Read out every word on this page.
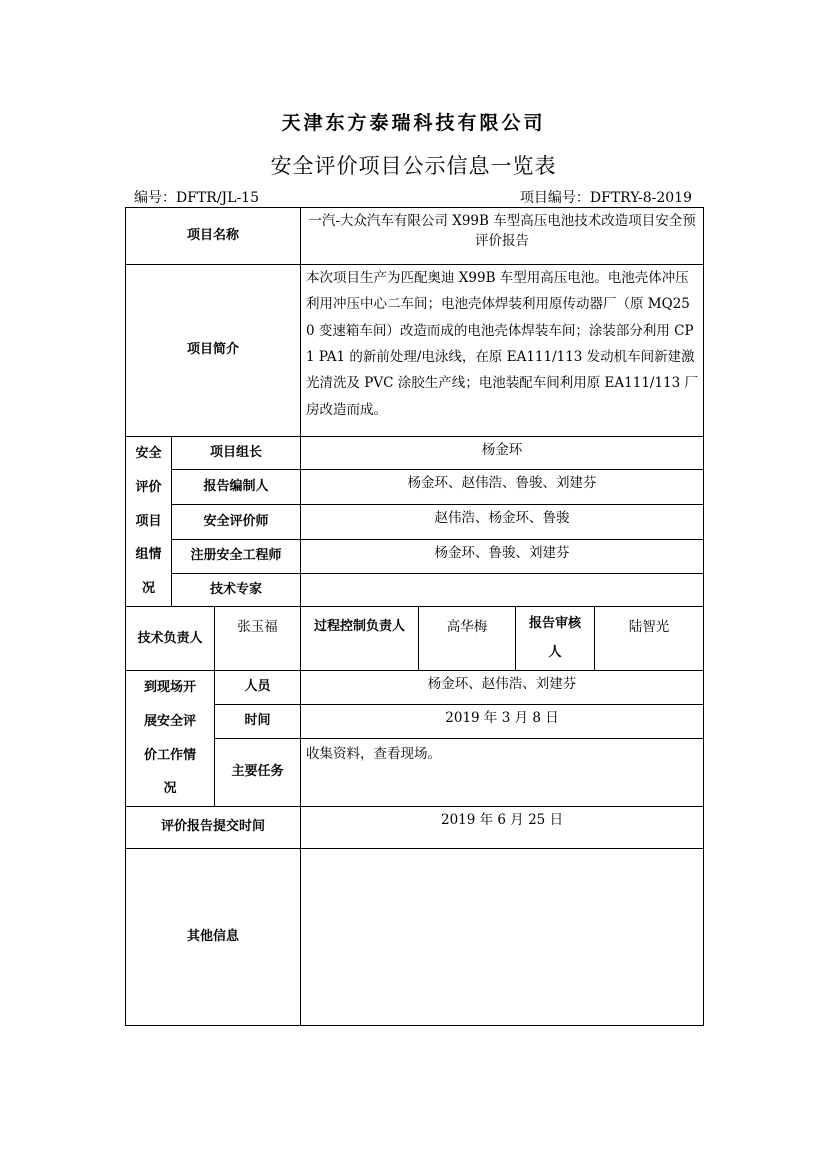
天津东方泰瑞科技有限公司
安全评价项目公示信息一览表
编号：DFTR/JL-15	项目编号：DFTRY-8-2019
项目名称			一汽-大众汽车有限公司 X99B 车型高压电池技术改造项目安全预评价报告			
项目简介			本次项目生产为匹配奥迪 X99B 车型用高压电池。电池壳体冲压利用冲压中心二车间；电池壳体焊装利用原传动器厂（原 MQ250 变速箱车间）改造而成的电池壳体焊装车间；涂装部分利用 CP1 PA1 的新前处理/电泳线，在原 EA111/113 发动机车间新建激光清洗及 PVC 涂胶生产线；电池装配车间利用原 EA111/113 厂房改造而成。			
安全评价项目组情况	项目组长		杨金环			
	报告编制人		杨金环、赵伟浩、鲁骏、刘建芬			
	安全评价师		赵伟浩、杨金环、鲁骏			
	注册安全工程师		杨金环、鲁骏、刘建芬			
	技术专家					
技术负责人		张玉福	过程控制负责人	高华梅	报告审核人	陆智光
到现场开展安全评价工作情况		人员	杨金环、赵伟浩、刘建芬			
		时间	2019 年 3 月 8 日			
		主要任务	收集资料，查看现场。			
评价报告提交时间			2019 年 6 月 25 日			
其他信息						
